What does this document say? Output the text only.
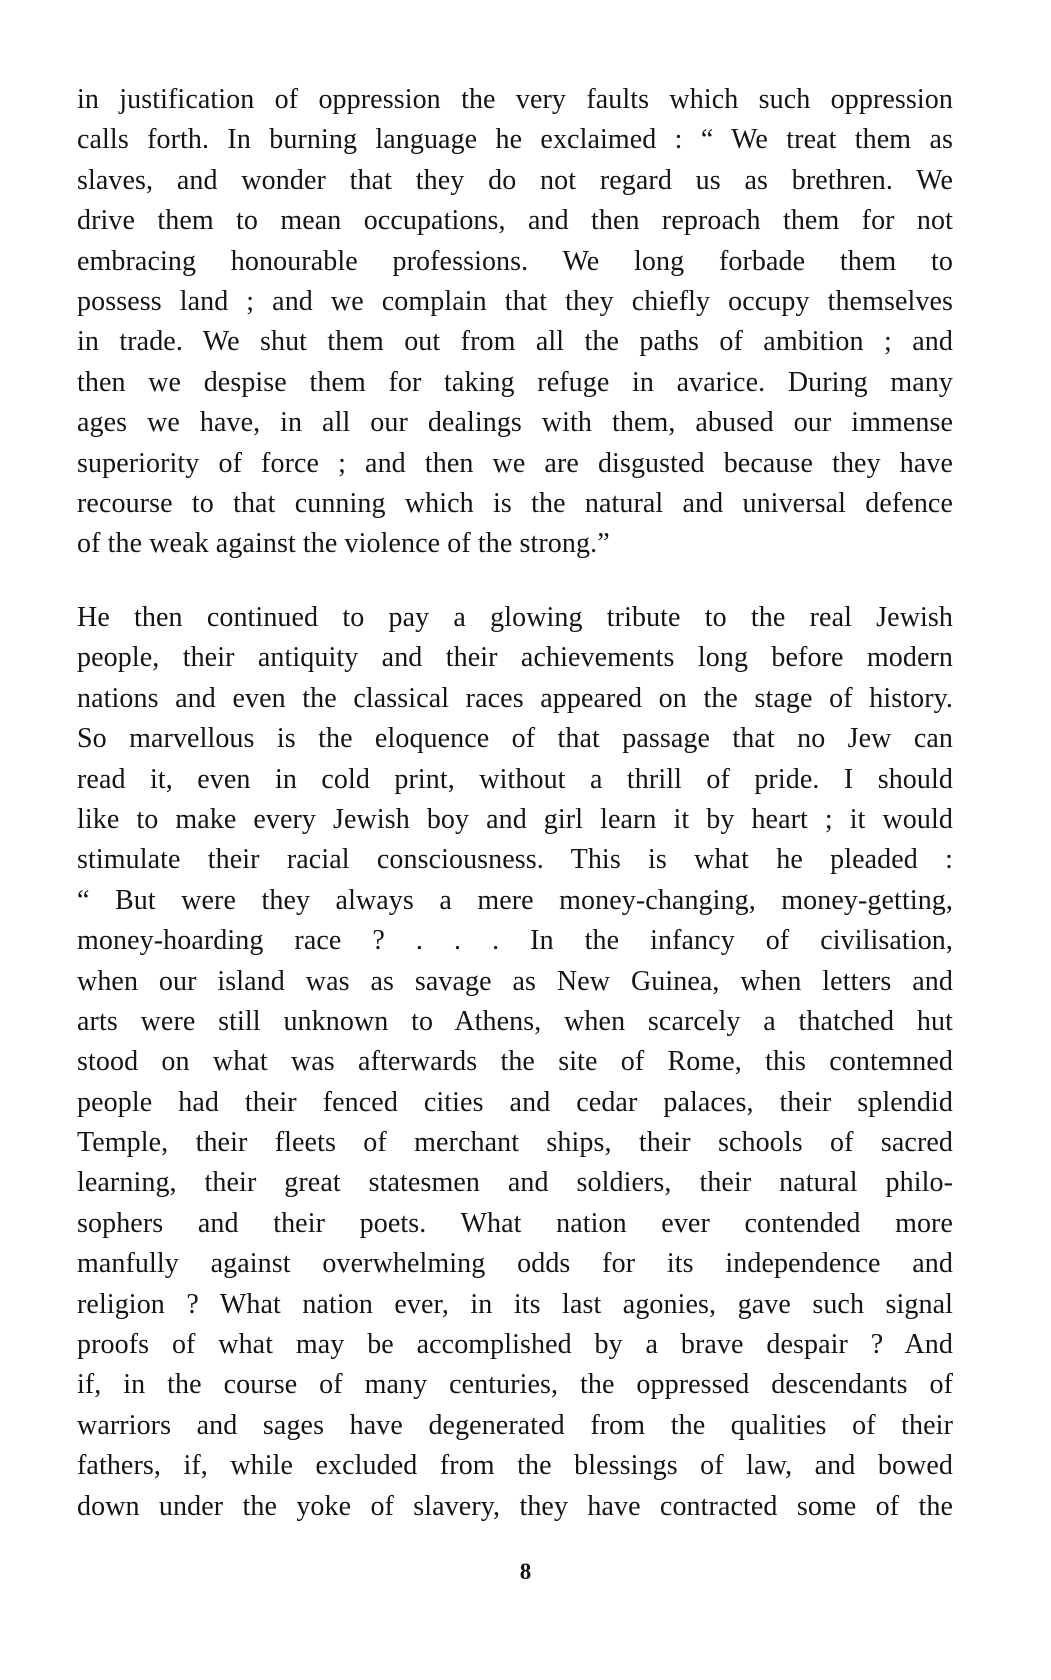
in justification of oppression the very faults which such oppression
calls forth. In burning language he exclaimed : “ We treat them as
slaves, and wonder that they do not regard us as brethren. We
drive them to mean occupations, and then reproach them for not
embracing honourable professions. We long forbade them to
possess land ; and we complain that they chiefly occupy themselves
in trade. We shut them out from all the paths of ambition ; and
then we despise them for taking refuge in avarice. During many
ages we have, in all our dealings with them, abused our immense
superiority of force ; and then we are disgusted because they have
recourse to that cunning which is the natural and universal defence
of the weak against the violence of the strong.”
He then continued to pay a glowing tribute to the real Jewish
people, their antiquity and their achievements long before modern
nations and even the classical races appeared on the stage of history.
So marvellous is the eloquence of that passage that no Jew can
read it, even in cold print, without a thrill of pride. I should
like to make every Jewish boy and girl learn it by heart ; it would
stimulate their racial consciousness. This is what he pleaded :
“ But were they always a mere money-changing, money-getting,
money-hoarding race ? . . . In the infancy of civilisation,
when our island was as savage as New Guinea, when letters and
arts were still unknown to Athens, when scarcely a thatched hut
stood on what was afterwards the site of Rome, this contemned
people had their fenced cities and cedar palaces, their splendid
Temple, their fleets of merchant ships, their schools of sacred
learning, their great statesmen and soldiers, their natural philo-
sophers and their poets. What nation ever contended more
manfully against overwhelming odds for its independence and
religion ? What nation ever, in its last agonies, gave such signal
proofs of what may be accomplished by a brave despair ? And
if, in the course of many centuries, the oppressed descendants of
warriors and sages have degenerated from the qualities of their
fathers, if, while excluded from the blessings of law, and bowed
down under the yoke of slavery, they have contracted some of the
8
